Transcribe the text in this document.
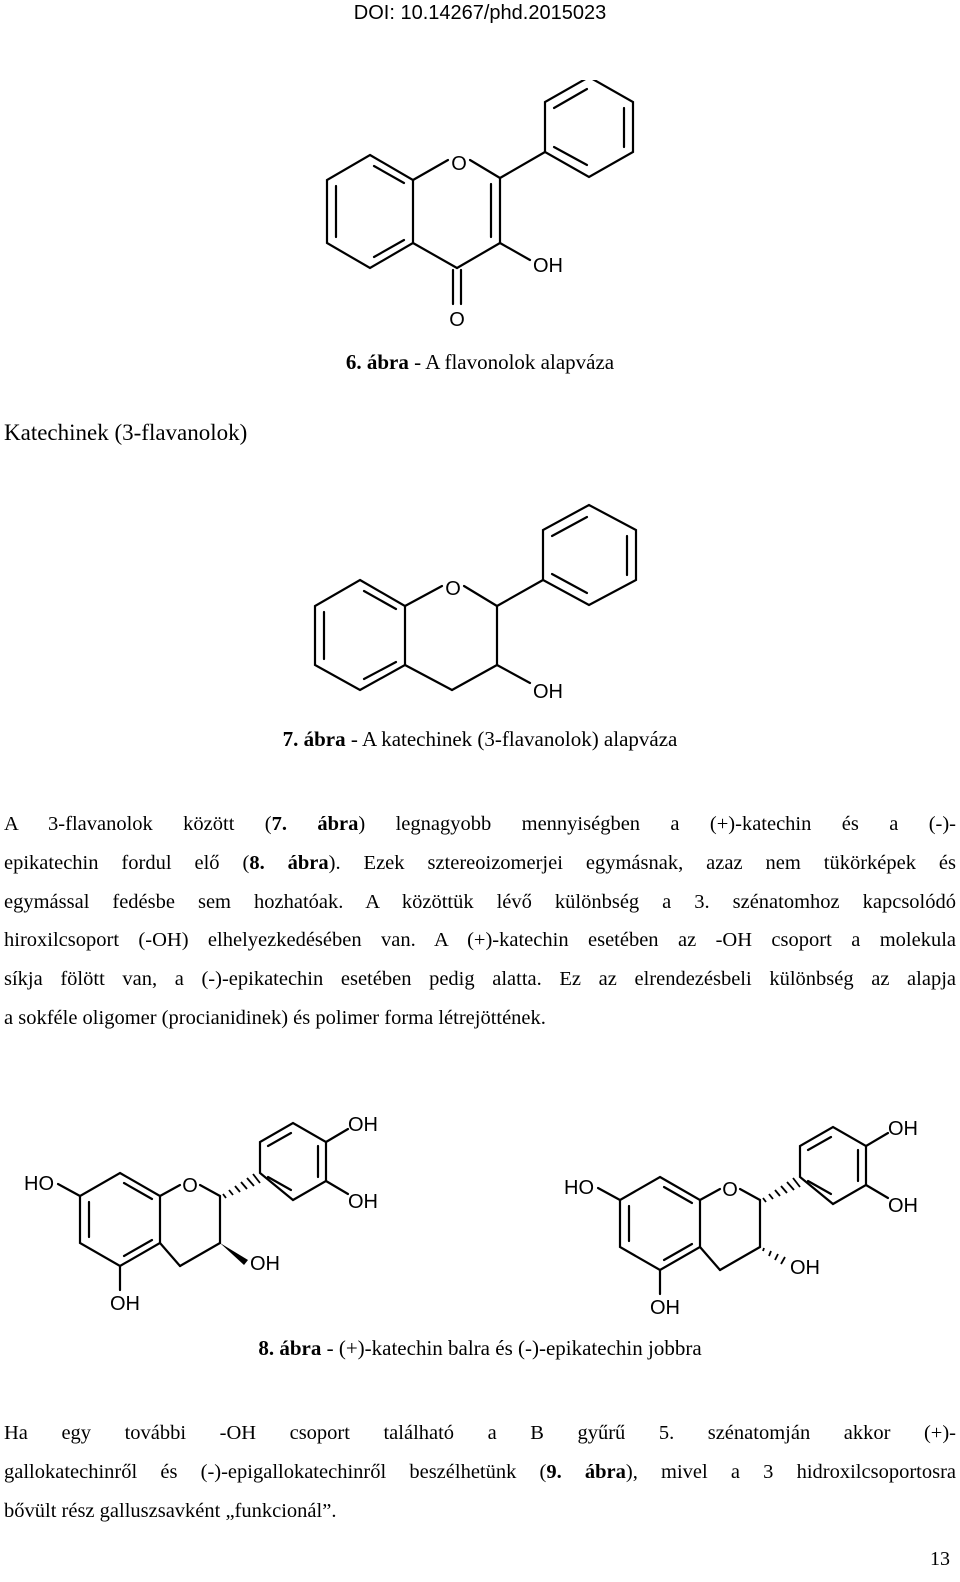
DOI: 10.14267/phd.2015023
O
OH
O
6. ábra - A flavonolok alapváza
Katechinek (3-flavanolok)
O
OH
7. ábra - A katechinek (3-flavanolok) alapváza
A 3-flavanolok között (7. ábra) legnagyobb mennyiségben a (+)-katechin és a (-)-
epikatechin fordul elő (8. ábra). Ezek sztereoizomerjei egymásnak, azaz nem tükörképek és
egymással fedésbe sem hozhatóak. A közöttük lévő különbség a 3. szénatomhoz kapcsolódó
hiroxilcsoport (-OH) elhelyezkedésében van. A (+)-katechin esetében az -OH csoport a molekula
síkja fölött van, a (-)-epikatechin esetében pedig alatta. Ez az elrendezésbeli különbség az alapja
a sokféle oligomer (procianidinek) és polimer forma létrejöttének.
OH
OH
HO	O
OH
OH
OH
OH
HO	O
OH
OH
8. ábra - (+)-katechin balra és (-)-epikatechin jobbra
Ha egy további -OH csoport található a B gyűrű 5. szénatomján akkor (+)-
gallokatechinről és (-)-epigallokatechinről beszélhetünk (9. ábra), mivel a 3 hidroxilcsoportosra
bővült rész galluszsavként „funkcionál”.
13
